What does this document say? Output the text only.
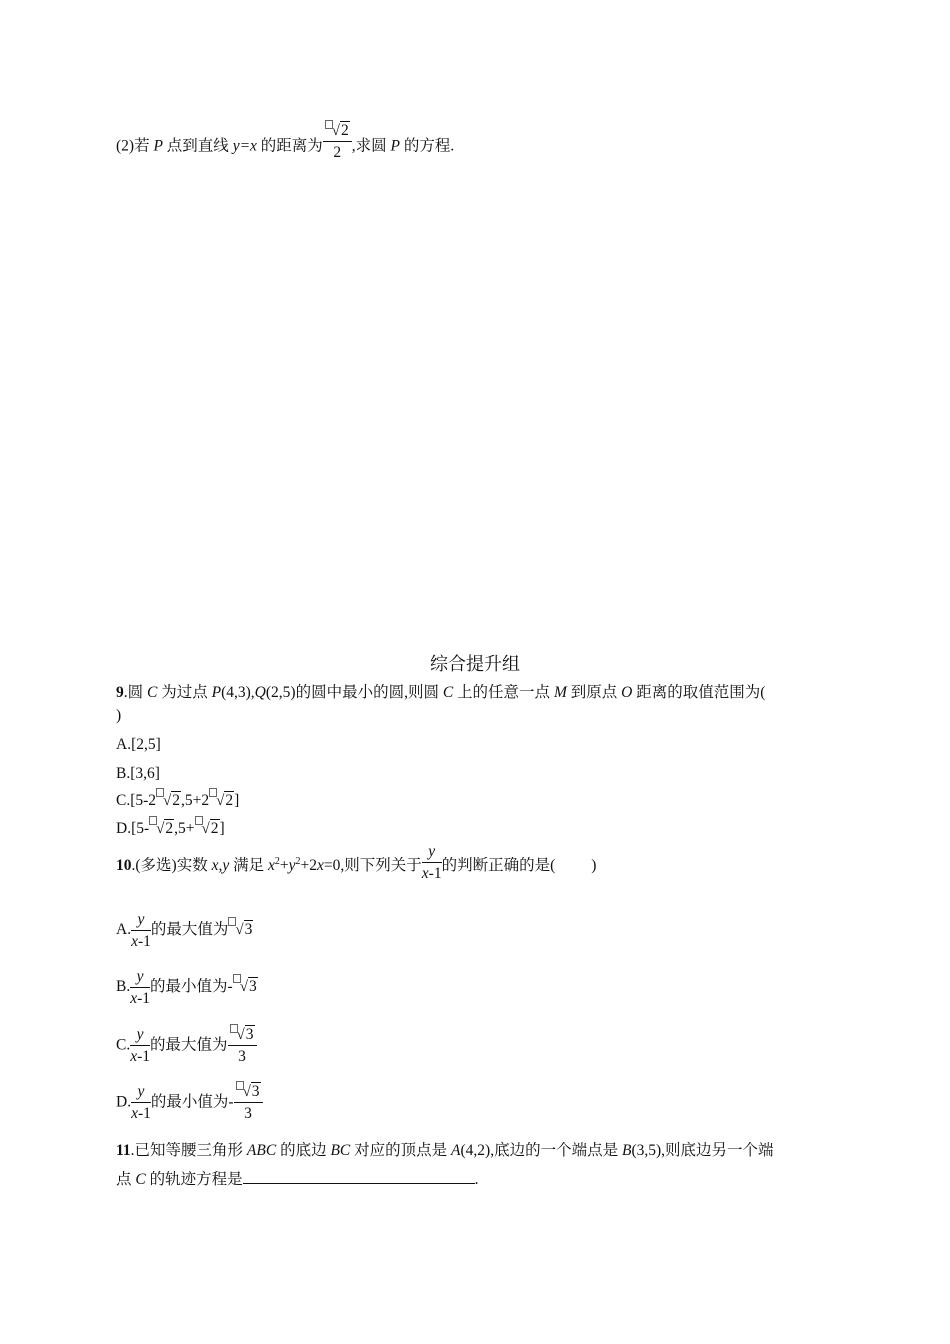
(2)若 P 点到直线 y=x 的距离为 $\frac{√2}{2}$ ,求圆 P 的方程.
综合提升组
9.圆 C 为过点 P(4,3),Q(2,5)的圆中最小的圆,则圆 C 上的任意一点 M 到原点 O 距离的取值范围为(
)
A.[2,5]
B.[3,6]
C.[5-2 √2,5+2 √2]
D.[5- √2,5+ √2]
10.(多选)实数 x,y 满足 $x^2+y^2+2x=0$,则下列关于 $\frac{y}{x-1}$ 的判断正确的是( )
A. $\frac{y}{x-1}$ 的最大值为 √3
B. $\frac{y}{x-1}$ 的最小值为- √3
C. $\frac{y}{x-1}$ 的最大值为 $\frac{√3}{3}$
D. $\frac{y}{x-1}$ 的最小值为- $\frac{√3}{3}$
11.已知等腰三角形 ABC 的底边 BC 对应的顶点是 A(4,2),底边的一个端点是 B(3,5),则底边另一个端
点 C 的轨迹方程是	.
